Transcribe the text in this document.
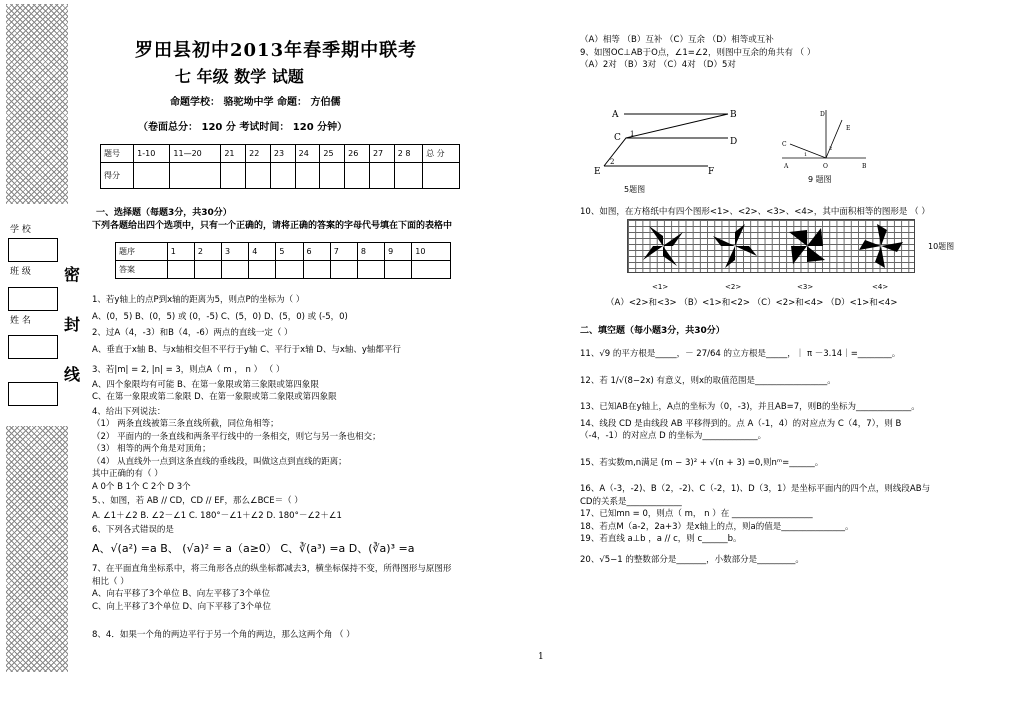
学 校
班 级
姓 名
密
封
线
罗田县初中2013年春季期中联考
七 年级 数学 试题
命题学校： 骆驼坳中学 命题： 方伯儒
（卷面总分： 120 分 考试时间： 120 分钟）
题号	1-10	11—20	21	22	23	24	25	26	27	2 8	总 分
得分											
一、选择题（每题3分，共30分）
下列各题给出四个选项中，只有一个正确的，请将正确的答案的字母代号填在下面的表格中
题序	1	2	3	4	5	6	7	8	9	10
答案										
1、若y轴上的点P到x轴的距离为5，则点P的坐标为（ ）
A、(0，5) B、(0，5) 或 (0，-5) C、(5，0) D、(5，0) 或 (-5，0)
2、过A（4，-3）和B（4，-6）两点的直线一定（ ）
A、垂直于x轴 B、与x轴相交但不平行于y轴 C、平行于x轴 D、与x轴、y轴都平行
3、若|m| = 2, |n| = 3，则点A（ m ， n ） （ ）
A、四个象限均有可能 B、在第一象限或第三象限或第四象限
C、在第一象限或第二象限 D、在第一象限或第二象限或第四象限
4、给出下列说法：
（1） 两条直线被第三条直线所截，同位角相等；
（2） 平面内的一条直线和两条平行线中的一条相交，则它与另一条也相交；
（3） 相等的两个角是对顶角；
（4） 从直线外一点到这条直线的垂线段，叫做这点到直线的距离；
其中正确的有（ ）
A 0个 B 1个 C 2个 D 3个
5、、如图，若 AB // CD，CD // EF，那么∠BCE＝（ ）
A. ∠1＋∠2 B. ∠2－∠1 C. 180°－∠1＋∠2 D. 180°－∠2＋∠1
6、下列各式错误的是
A、√(a²) =a B、 (√a)² = a（a≥0） C、∛(a³) =a D、(∛a)³ =a
7、在平面直角坐标系中，将三角形各点的纵坐标都减去3，横坐标保持不变，所得图形与原图形
相比（ ）
A、向右平移了3个单位 B、向左平移了3个单位
C、向上平移了3个单位 D、向下平移了3个单位
8、4．如果一个角的两边平行于另一个角的两边，那么这两个角 （ ）
（A）相等 （B）互补 （C）互余 （D）相等或互补
9、如图OC⊥AB于O点，∠1=∠2，则图中互余的角共有 （ ）
（A）2对 （B）3对 （C）4对 （D）5对
A	B
C	D
E	F
1
2
5题图
D
E
A	O	B
C
1
2
9 题图
10、如图，在方格纸中有四个图形<1>、<2>、<3>、<4>，其中面积相等的图形是 （ ）
<1>	<2>	<3>	<4>
10题图
（A）<2>和<3> （B）<1>和<2> （C）<2>和<4> （D）<1>和<4>
二、填空题（每小题3分，共30分）
11、√9 的平方根是_____，－ 27/64 的立方根是_____，｜ π －3.14｜=________。
12、若 1/√(8−2x) 有意义，则x的取值范围是_________________。
13、已知AB在y轴上，A点的坐标为（0，-3)，并且AB=7，则B的坐标为_____________。
14、线段 CD 是由线段 AB 平移得到的。点 A（-1，4）的对应点为 C（4，7），则 B
（-4，-1）的对应点 D 的坐标为_____________。
15、若实数m,n满足 (m − 3)² + √(n + 3) =0,则nᵐ=______。
16、A（-3，-2)、B（2，-2)、C（-2，1)、D（3，1）是坐标平面内的四个点，则线段AB与
CD的关系是_____________
17、已知mn = 0，则点（ m， n ）在 ___________________
18、若点M（a-2，2a+3）是x轴上的点，则a的值是_______________。
19、若直线 a⊥b ，a // c，则 c______b。
20、√5−1 的整数部分是_______，小数部分是_________。
1
